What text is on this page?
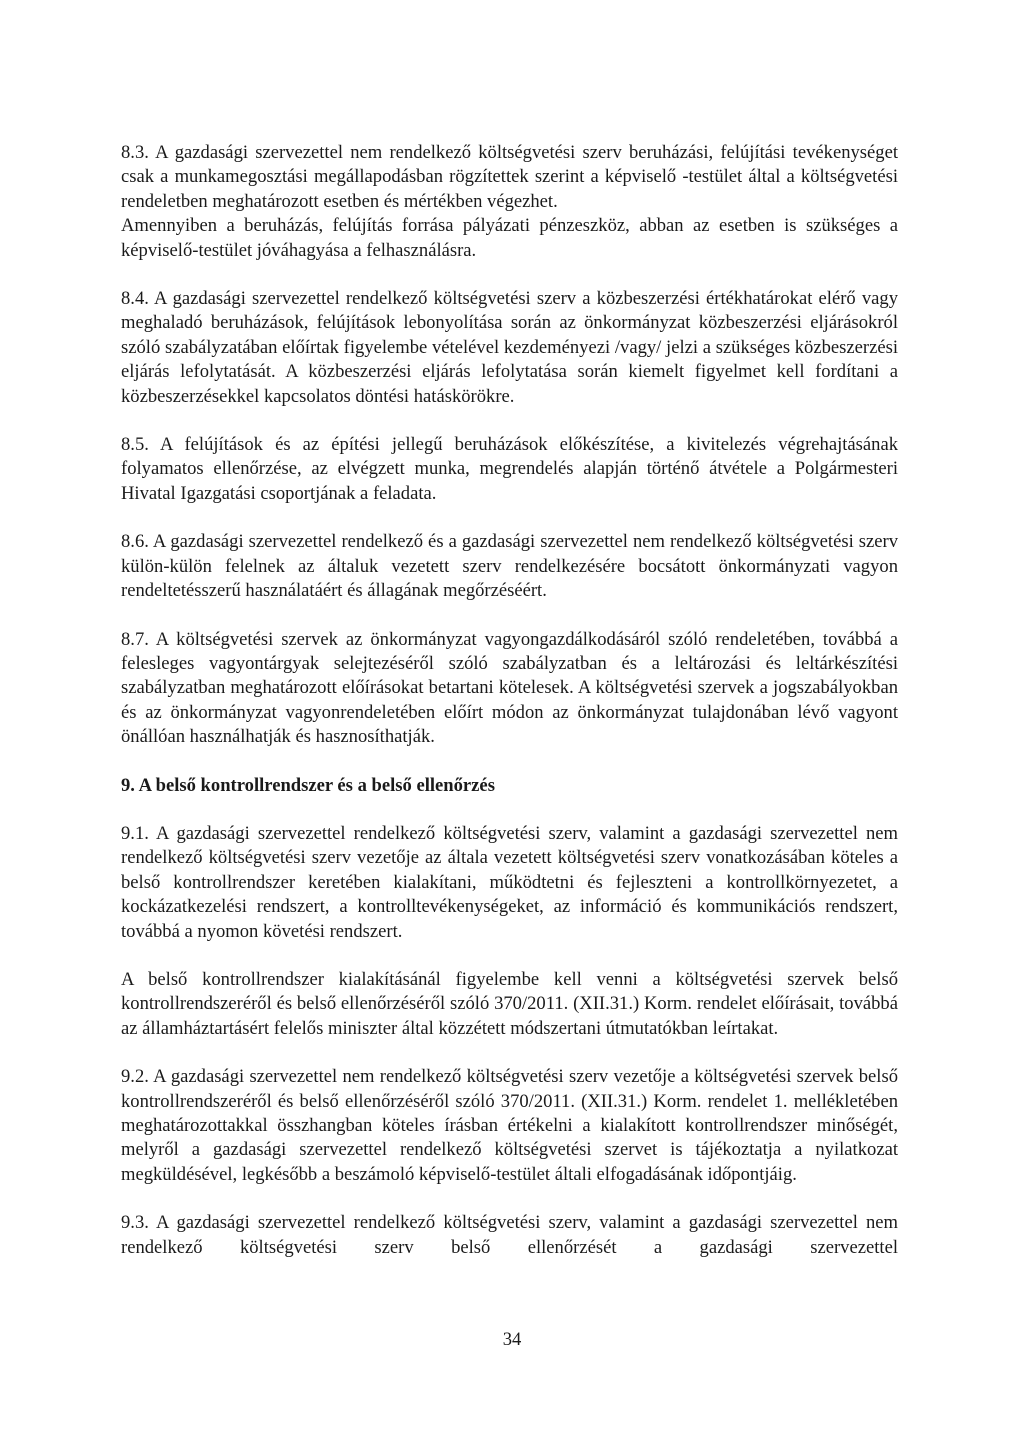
8.3. A gazdasági szervezettel nem rendelkező költségvetési szerv beruházási, felújítási tevékenységet csak a munkamegosztási megállapodásban rögzítettek szerint a képviselő -testület által a költségvetési rendeletben meghatározott esetben és mértékben végezhet.

Amennyiben a beruházás, felújítás forrása pályázati pénzeszköz, abban az esetben is szükséges a képviselő-testület jóváhagyása a felhasználásra.

8.4. A gazdasági szervezettel rendelkező költségvetési szerv a közbeszerzési értékhatárokat elérő vagy meghaladó beruházások, felújítások lebonyolítása során az önkormányzat közbeszerzési eljárásokról szóló szabályzatában előírtak figyelembe vételével kezdeményezi /vagy/ jelzi a szükséges közbeszerzési eljárás lefolytatását. A közbeszerzési eljárás lefolytatása során kiemelt figyelmet kell fordítani a közbeszerzésekkel kapcsolatos döntési hatáskörökre.

8.5. A felújítások és az építési jellegű beruházások előkészítése, a kivitelezés végrehajtásának folyamatos ellenőrzése, az elvégzett munka, megrendelés alapján történő átvétele a Polgármesteri Hivatal Igazgatási csoportjának a feladata.

8.6. A gazdasági szervezettel rendelkező és a gazdasági szervezettel nem rendelkező költségvetési szerv külön-külön felelnek az általuk vezetett szerv rendelkezésére bocsátott önkormányzati vagyon rendeltetésszerű használatáért és állagának megőrzéséért.

8.7. A költségvetési szervek az önkormányzat vagyongazdálkodásáról szóló rendeletében, továbbá a felesleges vagyontárgyak selejtezéséről szóló szabályzatban és a leltározási és leltárkészítési szabályzatban meghatározott előírásokat betartani kötelesek. A költségvetési szervek a jogszabályokban és az önkormányzat vagyonrendeletében előírt módon az önkormányzat tulajdonában lévő vagyont önállóan használhatják és hasznosíthatják.

9. A belső kontrollrendszer és a belső ellenőrzés

9.1. A gazdasági szervezettel rendelkező költségvetési szerv, valamint a gazdasági szervezettel nem rendelkező költségvetési szerv vezetője az általa vezetett költségvetési szerv vonatkozásában köteles a belső kontrollrendszer keretében kialakítani, működtetni és fejleszteni a kontrollkörnyezetet, a kockázatkezelési rendszert, a kontrolltevékenységeket, az információ és kommunikációs rendszert, továbbá a nyomon követési rendszert.

A belső kontrollrendszer kialakításánál figyelembe kell venni a költségvetési szervek belső kontrollrendszeréről és belső ellenőrzéséről szóló 370/2011. (XII.31.) Korm. rendelet előírásait, továbbá az államháztartásért felelős miniszter által közzétett módszertani útmutatókban leírtakat.

9.2. A gazdasági szervezettel nem rendelkező költségvetési szerv vezetője a költségvetési szervek belső kontrollrendszeréről és belső ellenőrzéséről szóló 370/2011. (XII.31.) Korm. rendelet 1. mellékletében meghatározottakkal összhangban köteles írásban értékelni a kialakított kontrollrendszer minőségét, melyről a gazdasági szervezettel rendelkező költségvetési szervet is tájékoztatja a nyilatkozat megküldésével, legkésőbb a beszámoló képviselő-testület általi elfogadásának időpontjáig.

9.3. A gazdasági szervezettel rendelkező költségvetési szerv, valamint a gazdasági szervezettel nem rendelkező költségvetési szerv belső ellenőrzését a gazdasági szervezettel

34
